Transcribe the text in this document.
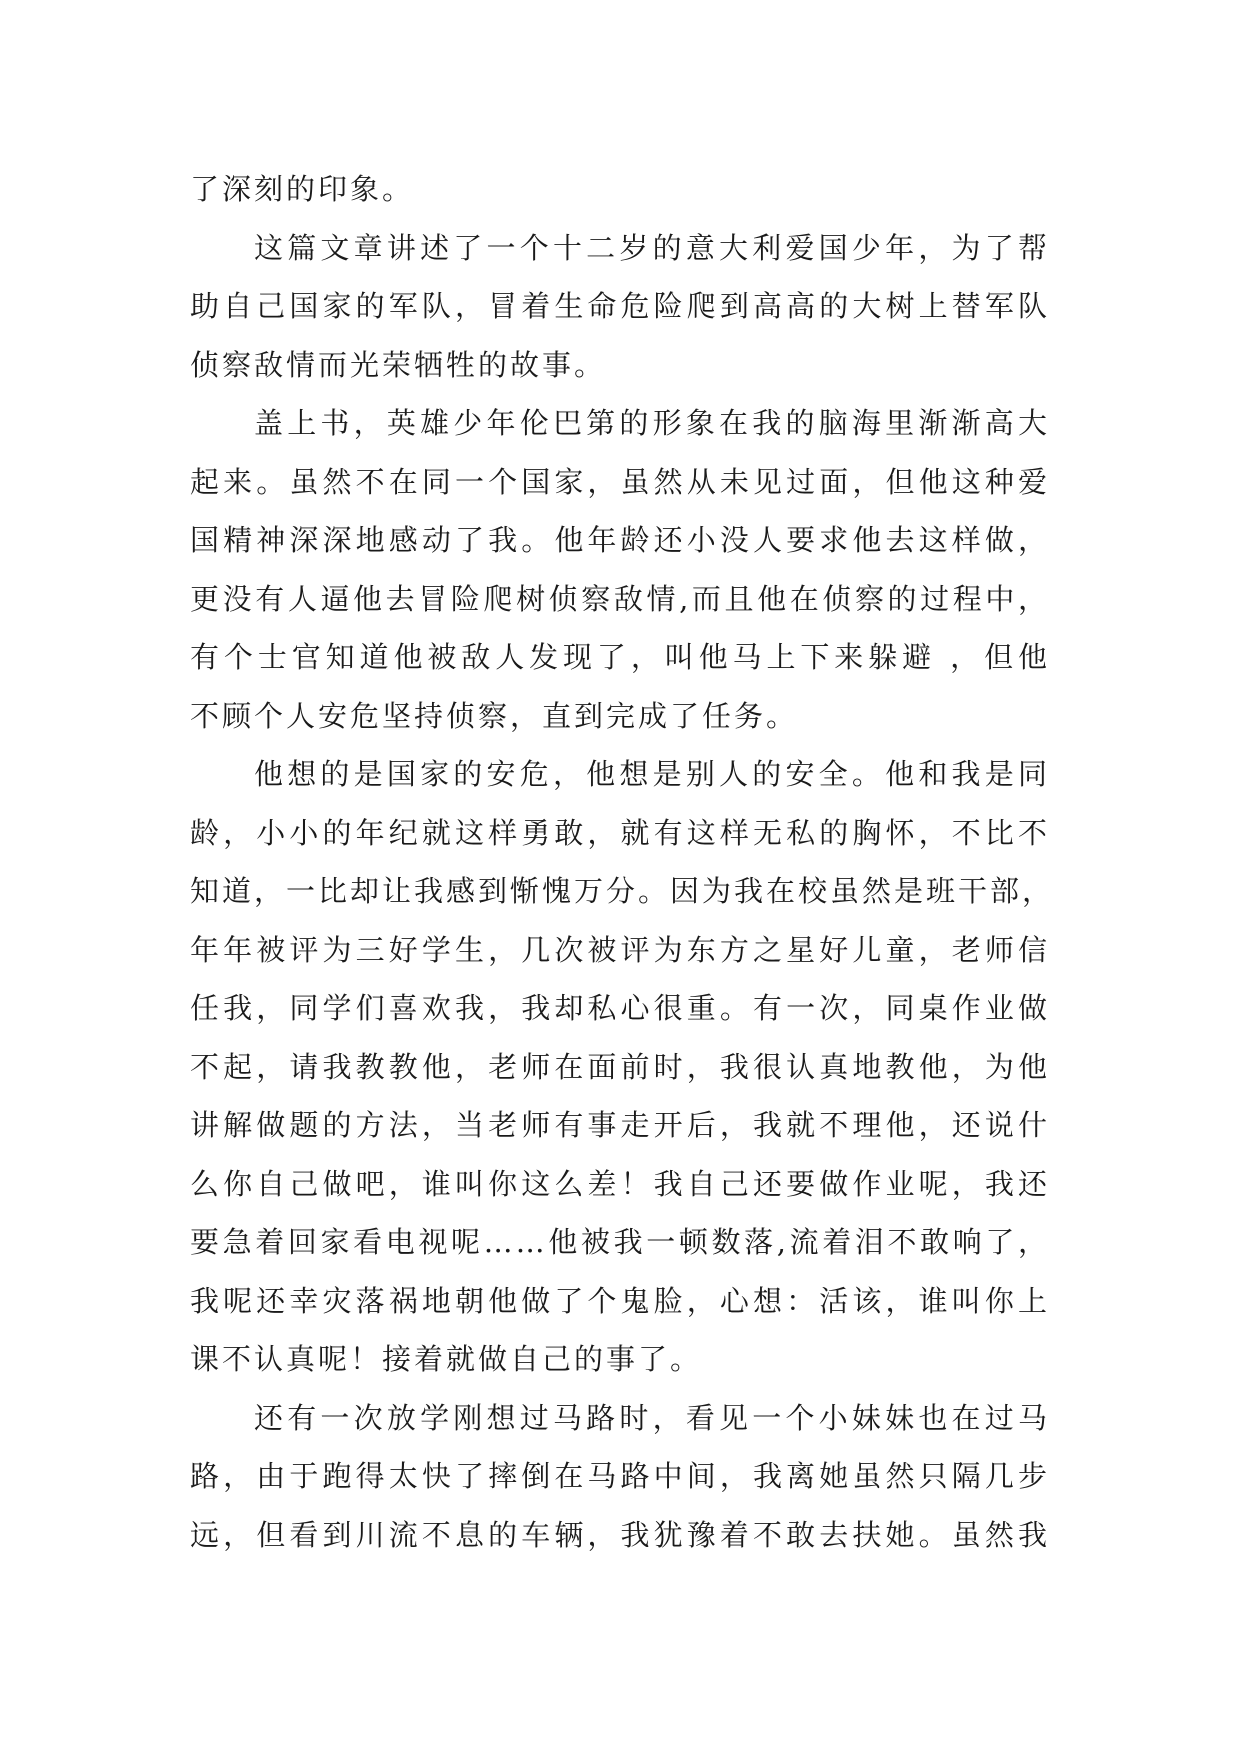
了深刻的印象。
这篇文章讲述了一个十二岁的意大利爱国少年，为了帮
助自己国家的军队，冒着生命危险爬到高高的大树上替军队
侦察敌情而光荣牺牲的故事。
盖上书，英雄少年伦巴第的形象在我的脑海里渐渐高大
起来。虽然不在同一个国家，虽然从未见过面，但他这种爱
国精神深深地感动了我。他年龄还小没人要求他去这样做，
更没有人逼他去冒险爬树侦察敌情,而且他在侦察的过程中，
有个士官知道他被敌人发现了，叫他马上下来躲避 ，但他
不顾个人安危坚持侦察，直到完成了任务。
他想的是国家的安危，他想是别人的安全。他和我是同
龄，小小的年纪就这样勇敢，就有这样无私的胸怀，不比不
知道，一比却让我感到惭愧万分。因为我在校虽然是班干部，
年年被评为三好学生，几次被评为东方之星好儿童，老师信
任我，同学们喜欢我，我却私心很重。有一次，同桌作业做
不起，请我教教他，老师在面前时，我很认真地教他，为他
讲解做题的方法，当老师有事走开后，我就不理他，还说什
么你自己做吧，谁叫你这么差！我自己还要做作业呢，我还
要急着回家看电视呢……他被我一顿数落,流着泪不敢响了，
我呢还幸灾落祸地朝他做了个鬼脸，心想：活该，谁叫你上
课不认真呢！接着就做自己的事了。
还有一次放学刚想过马路时，看见一个小妹妹也在过马
路，由于跑得太快了摔倒在马路中间，我离她虽然只隔几步
远，但看到川流不息的车辆，我犹豫着不敢去扶她。虽然我
